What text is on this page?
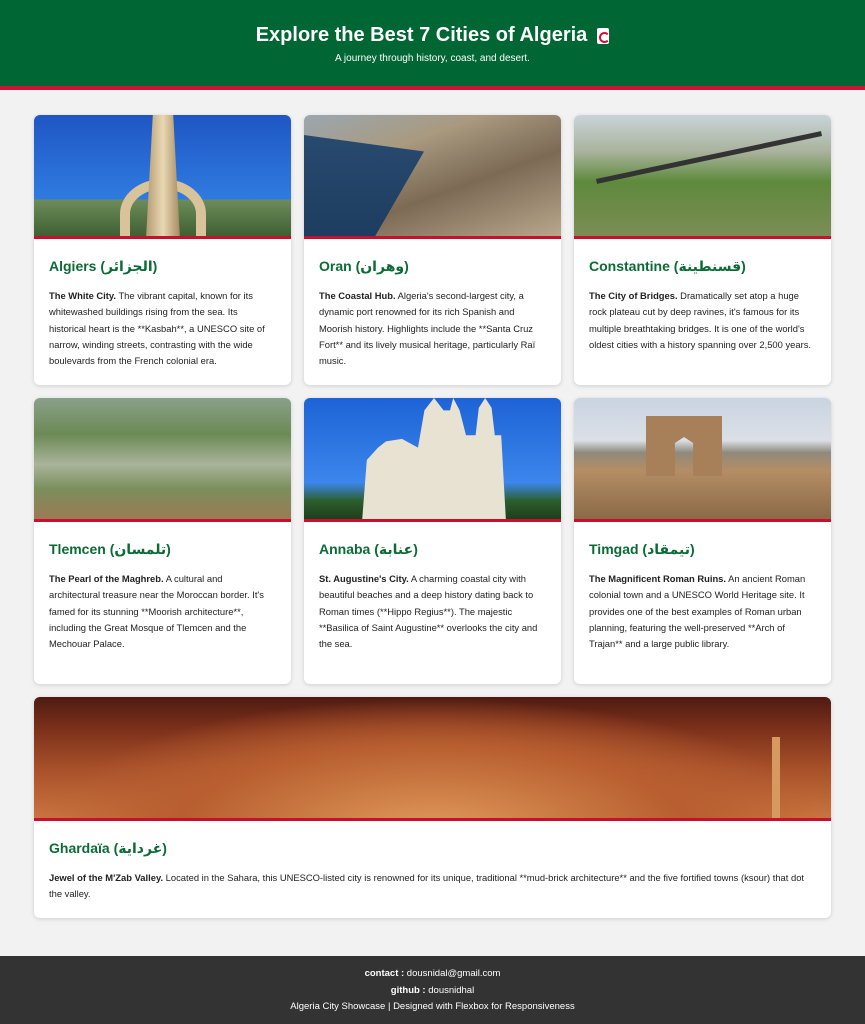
Explore the Best 7 Cities of Algeria

A journey through history, coast, and desert.

Algiers (الجزائر)

The White City. The vibrant capital, known for its whitewashed buildings rising from the sea. Its historical heart is the **Kasbah**, a UNESCO site of narrow, winding streets, contrasting with the wide boulevards from the French colonial era.

Oran (وهران)

The Coastal Hub. Algeria's second-largest city, a dynamic port renowned for its rich Spanish and Moorish history. Highlights include the **Santa Cruz Fort** and its lively musical heritage, particularly Raï music.

Constantine (قسنطينة)

The City of Bridges. Dramatically set atop a huge rock plateau cut by deep ravines, it's famous for its multiple breathtaking bridges. It is one of the world's oldest cities with a history spanning over 2,500 years.

Tlemcen (تلمسان)

The Pearl of the Maghreb. A cultural and architectural treasure near the Moroccan border. It's famed for its stunning **Moorish architecture**, including the Great Mosque of Tlemcen and the Mechouar Palace.

Annaba (عنابة)

St. Augustine's City. A charming coastal city with beautiful beaches and a deep history dating back to Roman times (**Hippo Regius**). The majestic **Basilica of Saint Augustine** overlooks the city and the sea.

Timgad (تيمقاد)

The Magnificent Roman Ruins. An ancient Roman colonial town and a UNESCO World Heritage site. It provides one of the best examples of Roman urban planning, featuring the well-preserved **Arch of Trajan** and a large public library.

Ghardaïa (غرداية)

Jewel of the M'Zab Valley. Located in the Sahara, this UNESCO-listed city is renowned for its unique, traditional **mud-brick architecture** and the five fortified towns (ksour) that dot the valley.

contact : dousnidal@gmail.com
github : dousnidhal
Algeria City Showcase | Designed with Flexbox for Responsiveness
